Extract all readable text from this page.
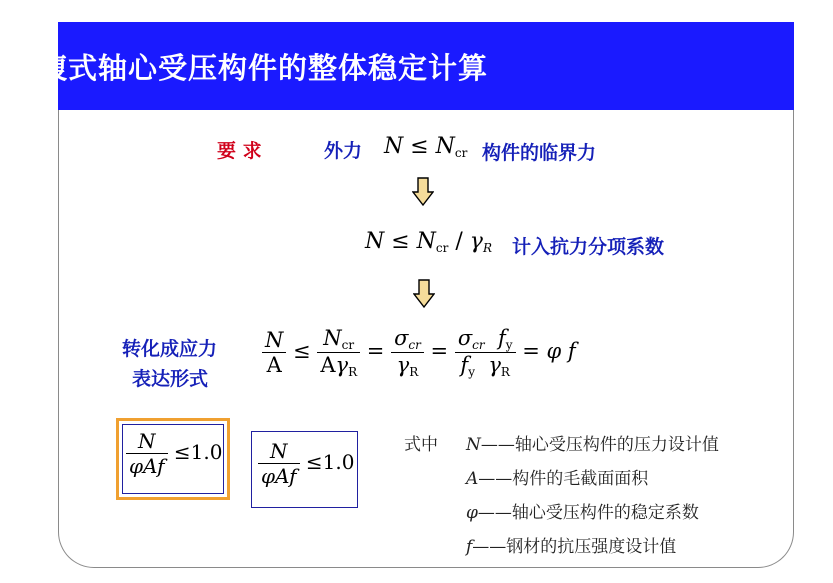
实腹式轴心受压构件的整体稳定计算
要 求	外力 $N \le N_{cr}$ 构件的临界力
$N \le N_{cr} / \gamma_R$ 计入抗力分项系数
转化成应力
表达形式
$\frac{N}{A} \le \frac{N_{cr}}{A\gamma_R} = \frac{\sigma_{cr}}{\gamma_R} = \frac{\sigma_{cr} f_y}{f_y \gamma_R} = \varphi$ f
$\frac{N}{\text{φAf}} \le 1.0 \frac{N}{\text{φAf}} \le 1.0$
式中 N——轴心受压构件的压力设计值
A——构件的毛截面面积
φ——轴心受压构件的稳定系数
f——钢材的抗压强度设计值
